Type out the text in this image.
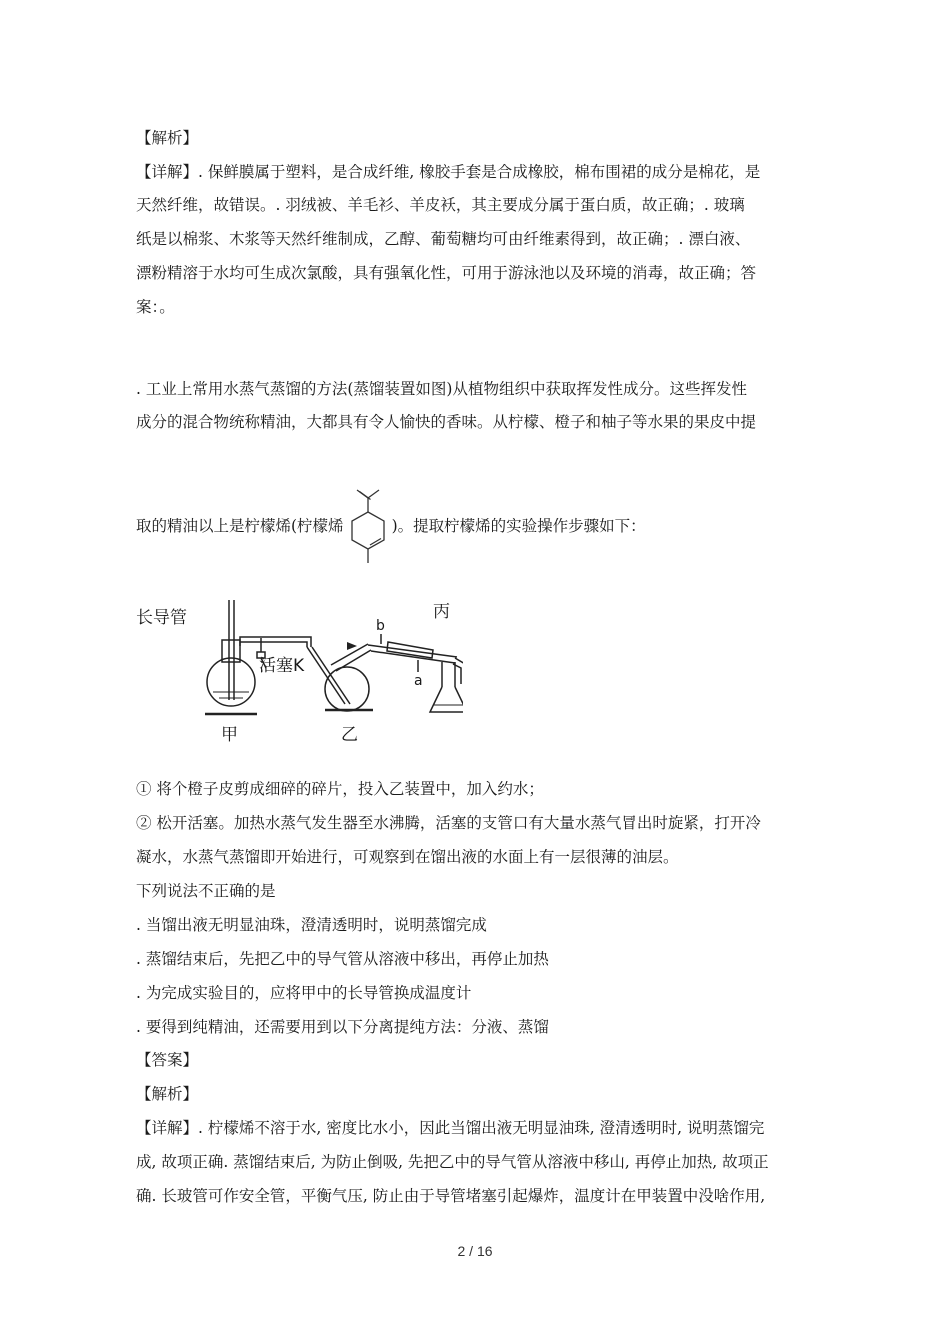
【解析】
【详解】. 保鲜膜属于塑料，是合成纤维, 橡胶手套是合成橡胶，棉布围裙的成分是棉花，是
天然纤维，故错误。. 羽绒被、羊毛衫、羊皮袄，其主要成分属于蛋白质，故正确；. 玻璃
纸是以棉浆、木浆等天然纤维制成，乙醇、葡萄糖均可由纤维素得到，故正确；. 漂白液、
漂粉精溶于水均可生成次氯酸，具有强氧化性，可用于游泳池以及环境的消毒，故正确；答
案：。
. 工业上常用水蒸气蒸馏的方法(蒸馏装置如图)从植物组织中获取挥发性成分。这些挥发性
成分的混合物统称精油，大都具有令人愉快的香味。从柠檬、橙子和柚子等水果的果皮中提
取的精油以上是柠檬烯(柠檬烯	)。提取柠檬烯的实验操作步骤如下：
长导管
活塞K
b
a
丙
甲	乙
① 将个橙子皮剪成细碎的碎片，投入乙装置中，加入约水；
② 松开活塞。加热水蒸气发生器至水沸腾，活塞的支管口有大量水蒸气冒出时旋紧，打开冷
凝水，水蒸气蒸馏即开始进行，可观察到在馏出液的水面上有一层很薄的油层。
下列说法不正确的是
. 当馏出液无明显油珠，澄清透明时，说明蒸馏完成
. 蒸馏结束后，先把乙中的导气管从溶液中移出，再停止加热
. 为完成实验目的，应将甲中的长导管换成温度计
. 要得到纯精油，还需要用到以下分离提纯方法：分液、蒸馏
【答案】
【解析】
【详解】. 柠檬烯不溶于水, 密度比水小，因此当馏出液无明显油珠, 澄清透明时, 说明蒸馏完
成, 故项正确. 蒸馏结束后, 为防止倒吸, 先把乙中的导气管从溶液中移山, 再停止加热, 故项正
确. 长玻管可作安全管，平衡气压, 防止由于导管堵塞引起爆炸，温度计在甲装置中没啥作用,
2 / 16
